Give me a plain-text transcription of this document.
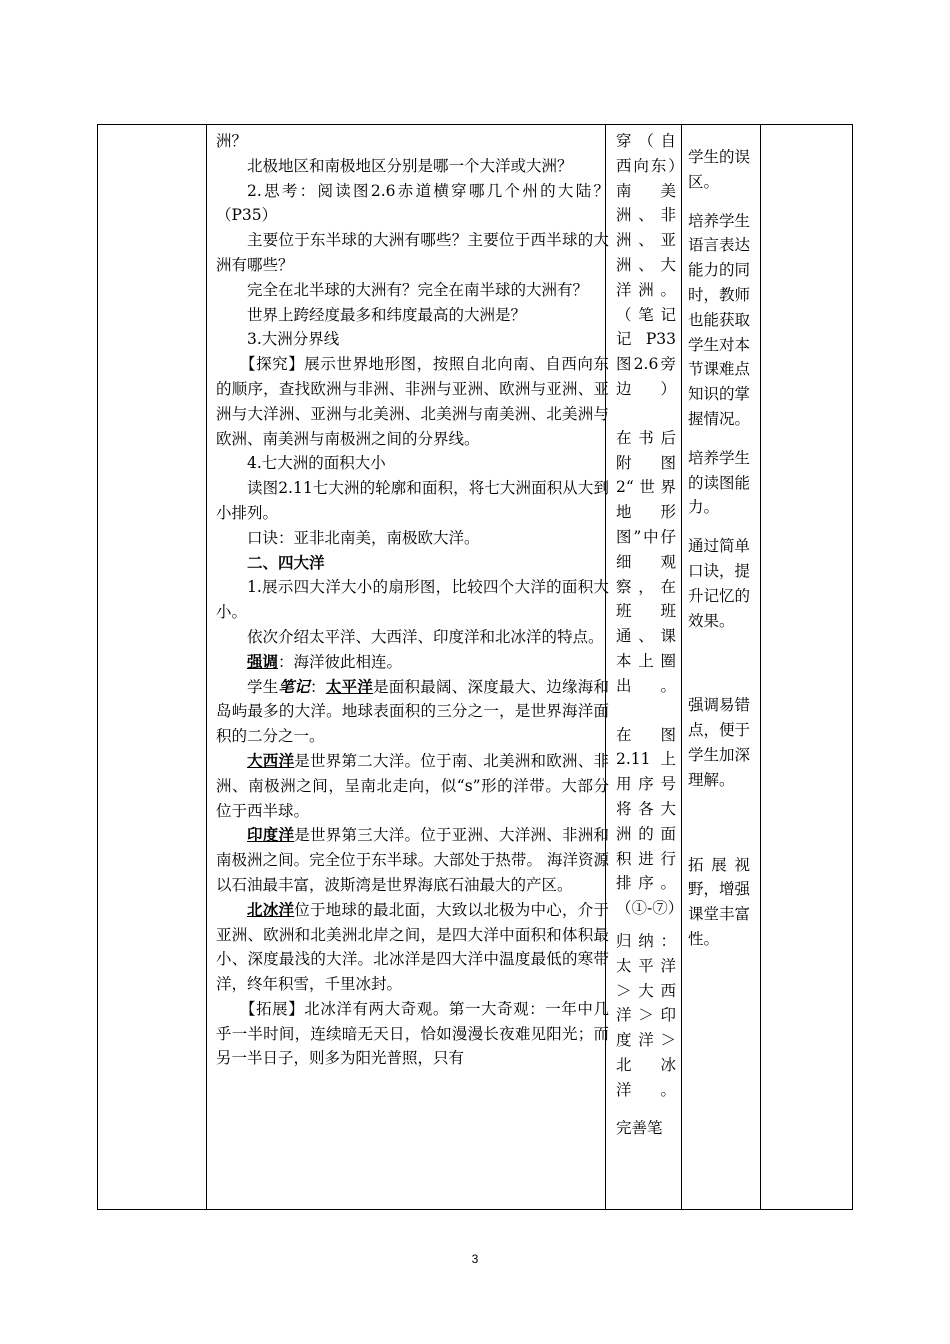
洲？

北极地区和南极地区分别是哪一个大洋或大洲？

2.思考：阅读图2.6赤道横穿哪几个州的大陆？（P35）

主要位于东半球的大洲有哪些？主要位于西半球的大洲有哪些？

完全在北半球的大洲有？完全在南半球的大洲有？

世界上跨经度最多和纬度最高的大洲是？

3.大洲分界线

【探究】展示世界地形图，按照自北向南、自西向东的顺序，查找欧洲与非洲、非洲与亚洲、欧洲与亚洲、亚洲与大洋洲、亚洲与北美洲、北美洲与南美洲、北美洲与欧洲、南美洲与南极洲之间的分界线。

4.七大洲的面积大小

读图2.11七大洲的轮廓和面积，将七大洲面积从大到小排列。

口诀：亚非北南美，南极欧大洋。

二、四大洋

1.展示四大洋大小的扇形图，比较四个大洋的面积大小。

依次介绍太平洋、大西洋、印度洋和北冰洋的特点。

强调：海洋彼此相连。

学生笔记：太平洋是面积最阔、深度最大、边缘海和岛屿最多的大洋。地球表面积的三分之一，是世界海洋面积的二分之一。

大西洋是世界第二大洋。位于南、北美洲和欧洲、非洲、南极洲之间，呈南北走向，似“s”形的洋带。大部分位于西半球。

印度洋是世界第三大洋。位于亚洲、大洋洲、非洲和南极洲之间。完全位于东半球。大部处于热带。 海洋资源以石油最丰富，波斯湾是世界海底石油最大的产区。

北冰洋位于地球的最北面，大致以北极为中心，介于亚洲、欧洲和北美洲北岸之间，是四大洋中面积和体积最小、深度最浅的大洋。北冰洋是四大洋中温度最低的寒带洋，终年积雪，千里冰封。

【拓展】北冰洋有两大奇观。第一大奇观：一年中几乎一半时间，连续暗无天日，恰如漫漫长夜难见阳光；而另一半日子，则多为阳光普照，只有

穿（自西向东）南美洲、非洲、亚洲、大洋洲。（笔记记P33图2.6旁边）

在书后附图2“世界地形图”中仔细观察，在班班通、课本上圈出。

在图2.11上用序号将各大洲的面积进行排序。（①-⑦）

归纳：太平洋＞大西洋＞印度洋＞北冰洋。

完善笔

学生的误区。

培养学生语言表达能力的同时，教师也能获取学生对本节课难点知识的掌握情况。

培养学生的读图能力。

通过简单口诀，提升记忆的效果。

强调易错点，便于学生加深理解。

拓展视野，增强课堂丰富性。

3
